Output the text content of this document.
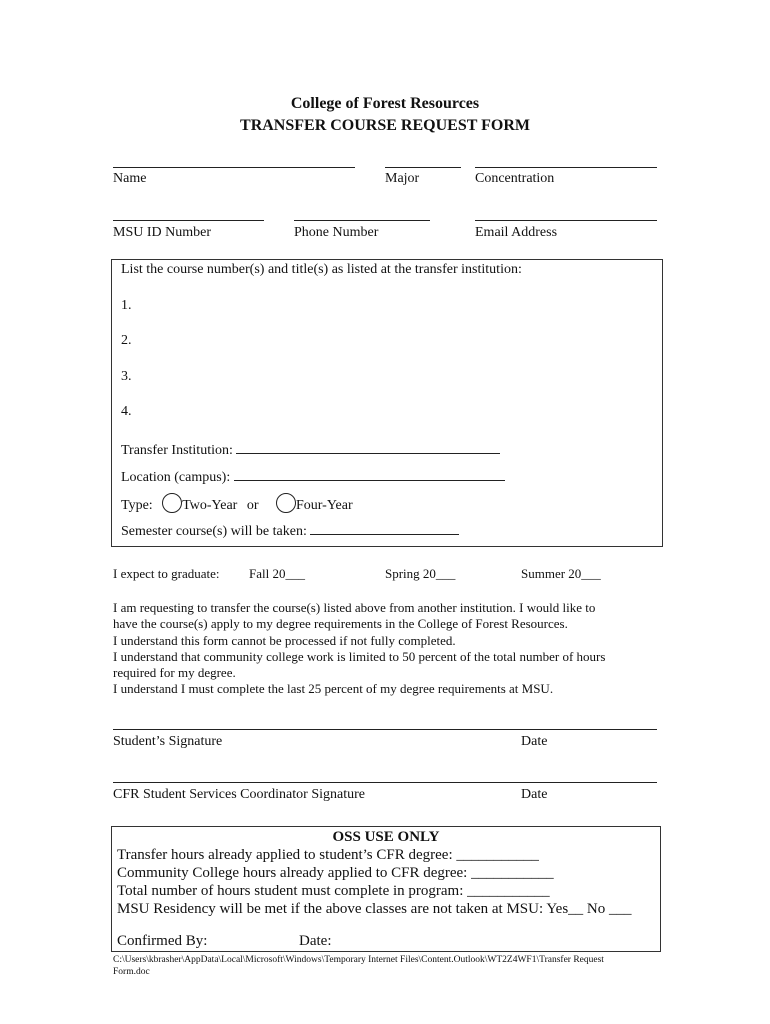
College of Forest Resources
TRANSFER COURSE REQUEST FORM
Name	Major	Concentration
MSU ID Number	Phone Number	Email Address
List the course number(s) and title(s) as listed at the transfer institution:
1.
2.
3.
4.
Transfer Institution:
Location (campus):
Type: Two-Year or	Four-Year
Semester course(s) will be taken:
I expect to graduate: Fall 20___	Spring 20___	Summer 20___
I am requesting to transfer the course(s) listed above from another institution. I would like to
have the course(s) apply to my degree requirements in the College of Forest Resources.
I understand this form cannot be processed if not fully completed.
I understand that community college work is limited to 50 percent of the total number of hours
required for my degree.
I understand I must complete the last 25 percent of my degree requirements at MSU.
Student’s Signature	Date
CFR Student Services Coordinator Signature	Date
OSS USE ONLY
Transfer hours already applied to student’s CFR degree: ___________
Community College hours already applied to CFR degree: ___________
Total number of hours student must complete in program: ___________
MSU Residency will be met if the above classes are not taken at MSU: Yes__ No ___
Confirmed By:	Date:
C:\Users\kbrasher\AppData\Local\Microsoft\Windows\Temporary Internet Files\Content.Outlook\WT2Z4WF1\Transfer Request
Form.doc
